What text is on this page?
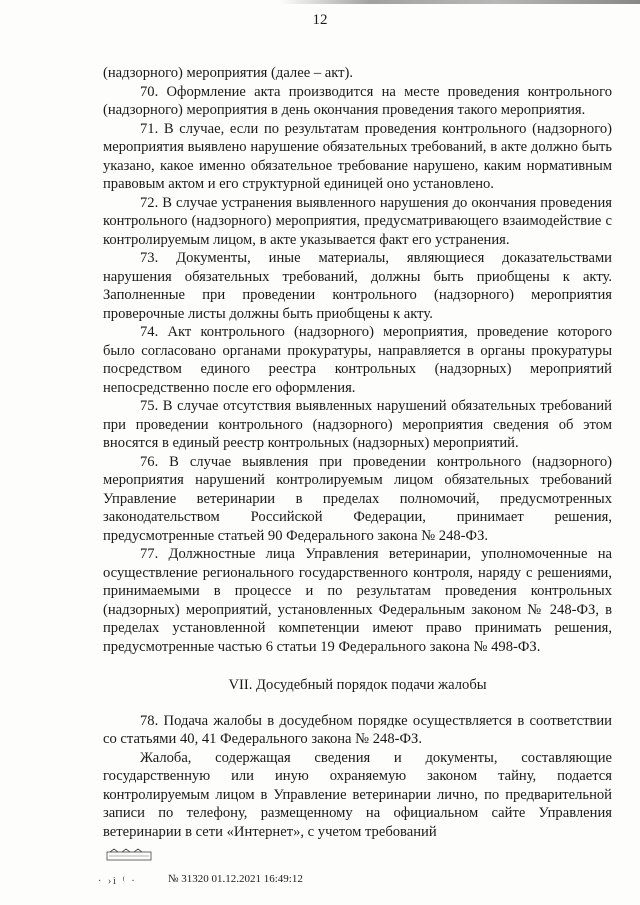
12

(надзорного) мероприятия (далее – акт).

70. Оформление акта производится на месте проведения контрольного (надзорного) мероприятия в день окончания проведения такого мероприятия.

71. В случае, если по результатам проведения контрольного (надзорного) мероприятия выявлено нарушение обязательных требований, в акте должно быть указано, какое именно обязательное требование нарушено, каким нормативным правовым актом и его структурной единицей оно установлено.

72. В случае устранения выявленного нарушения до окончания проведения контрольного (надзорного) мероприятия, предусматривающего взаимодействие с контролируемым лицом, в акте указывается факт его устранения.

73. Документы, иные материалы, являющиеся доказательствами нарушения обязательных требований, должны быть приобщены к акту. Заполненные при проведении контрольного (надзорного) мероприятия проверочные листы должны быть приобщены к акту.

74. Акт контрольного (надзорного) мероприятия, проведение которого было согласовано органами прокуратуры, направляется в органы прокуратуры посредством единого реестра контрольных (надзорных) мероприятий непосредственно после его оформления.

75. В случае отсутствия выявленных нарушений обязательных требований при проведении контрольного (надзорного) мероприятия сведения об этом вносятся в единый реестр контрольных (надзорных) мероприятий.

76. В случае выявления при проведении контрольного (надзорного) мероприятия нарушений контролируемым лицом обязательных требований Управление ветеринарии в пределах полномочий, предусмотренных законодательством Российской Федерации, принимает решения, предусмотренные статьей 90 Федерального закона № 248-ФЗ.

77. Должностные лица Управления ветеринарии, уполномоченные на осуществление регионального государственного контроля, наряду с решениями, принимаемыми в процессе и по результатам проведения контрольных (надзорных) мероприятий, установленных Федеральным законом № 248-ФЗ, в пределах установленной компетенции имеют право принимать решения, предусмотренные частью 6 статьи 19 Федерального закона № 498-ФЗ.

VII. Досудебный порядок подачи жалобы

78. Подача жалобы в досудебном порядке осуществляется в соответствии со статьями 40, 41 Федерального закона № 248-ФЗ.

Жалоба, содержащая сведения и документы, составляющие государственную или иную охраняемую законом тайну, подается контролируемым лицом в Управление ветеринарии лично, по предварительной записи по телефону, размещенному на официальном сайте Управления ветеринарии в сети «Интернет», с учетом требований

· ›ì ⁽ ·	№ 31320 01.12.2021 16:49:12
